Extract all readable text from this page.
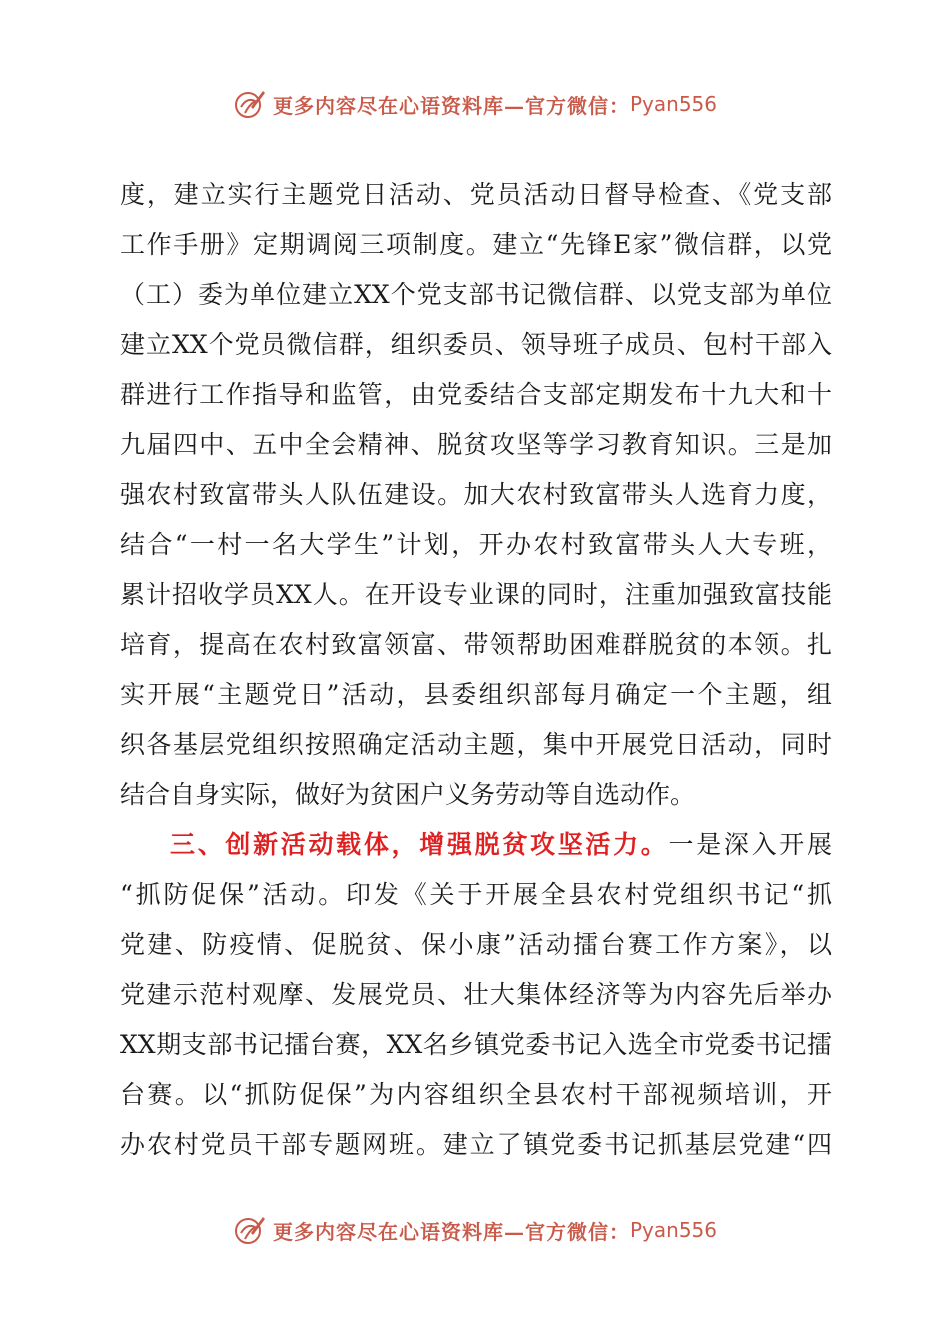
更多内容尽在心语资料库—官方微信： Pyan556
度，建立实行主题党日活动、党员活动日督导检查、《党支部
工作手册》定期调阅三项制度。建立“先锋E家”微信群，以党
（工）委为单位建立XX个党支部书记微信群、以党支部为单位
建立XX个党员微信群，组织委员、领导班子成员、包村干部入
群进行工作指导和监管，由党委结合支部定期发布十九大和十
九届四中、五中全会精神、脱贫攻坚等学习教育知识。三是加
强农村致富带头人队伍建设。加大农村致富带头人选育力度，
结合“一村一名大学生”计划，开办农村致富带头人大专班，
累计招收学员XX人。在开设专业课的同时，注重加强致富技能
培育，提高在农村致富领富、带领帮助困难群脱贫的本领。扎
实开展“主题党日”活动，县委组织部每月确定一个主题，组
织各基层党组织按照确定活动主题，集中开展党日活动，同时
结合自身实际，做好为贫困户义务劳动等自选动作。
三、创新活动载体，增强脱贫攻坚活力。一是深入开展
“抓防促保”活动。印发《关于开展全县农村党组织书记“抓
党建、防疫情、促脱贫、保小康”活动擂台赛工作方案》，以
党建示范村观摩、发展党员、壮大集体经济等为内容先后举办
XX期支部书记擂台赛，XX名乡镇党委书记入选全市党委书记擂
台赛。以“抓防促保”为内容组织全县农村干部视频培训，开
办农村党员干部专题网班。建立了镇党委书记抓基层党建“四
更多内容尽在心语资料库—官方微信： Pyan556
